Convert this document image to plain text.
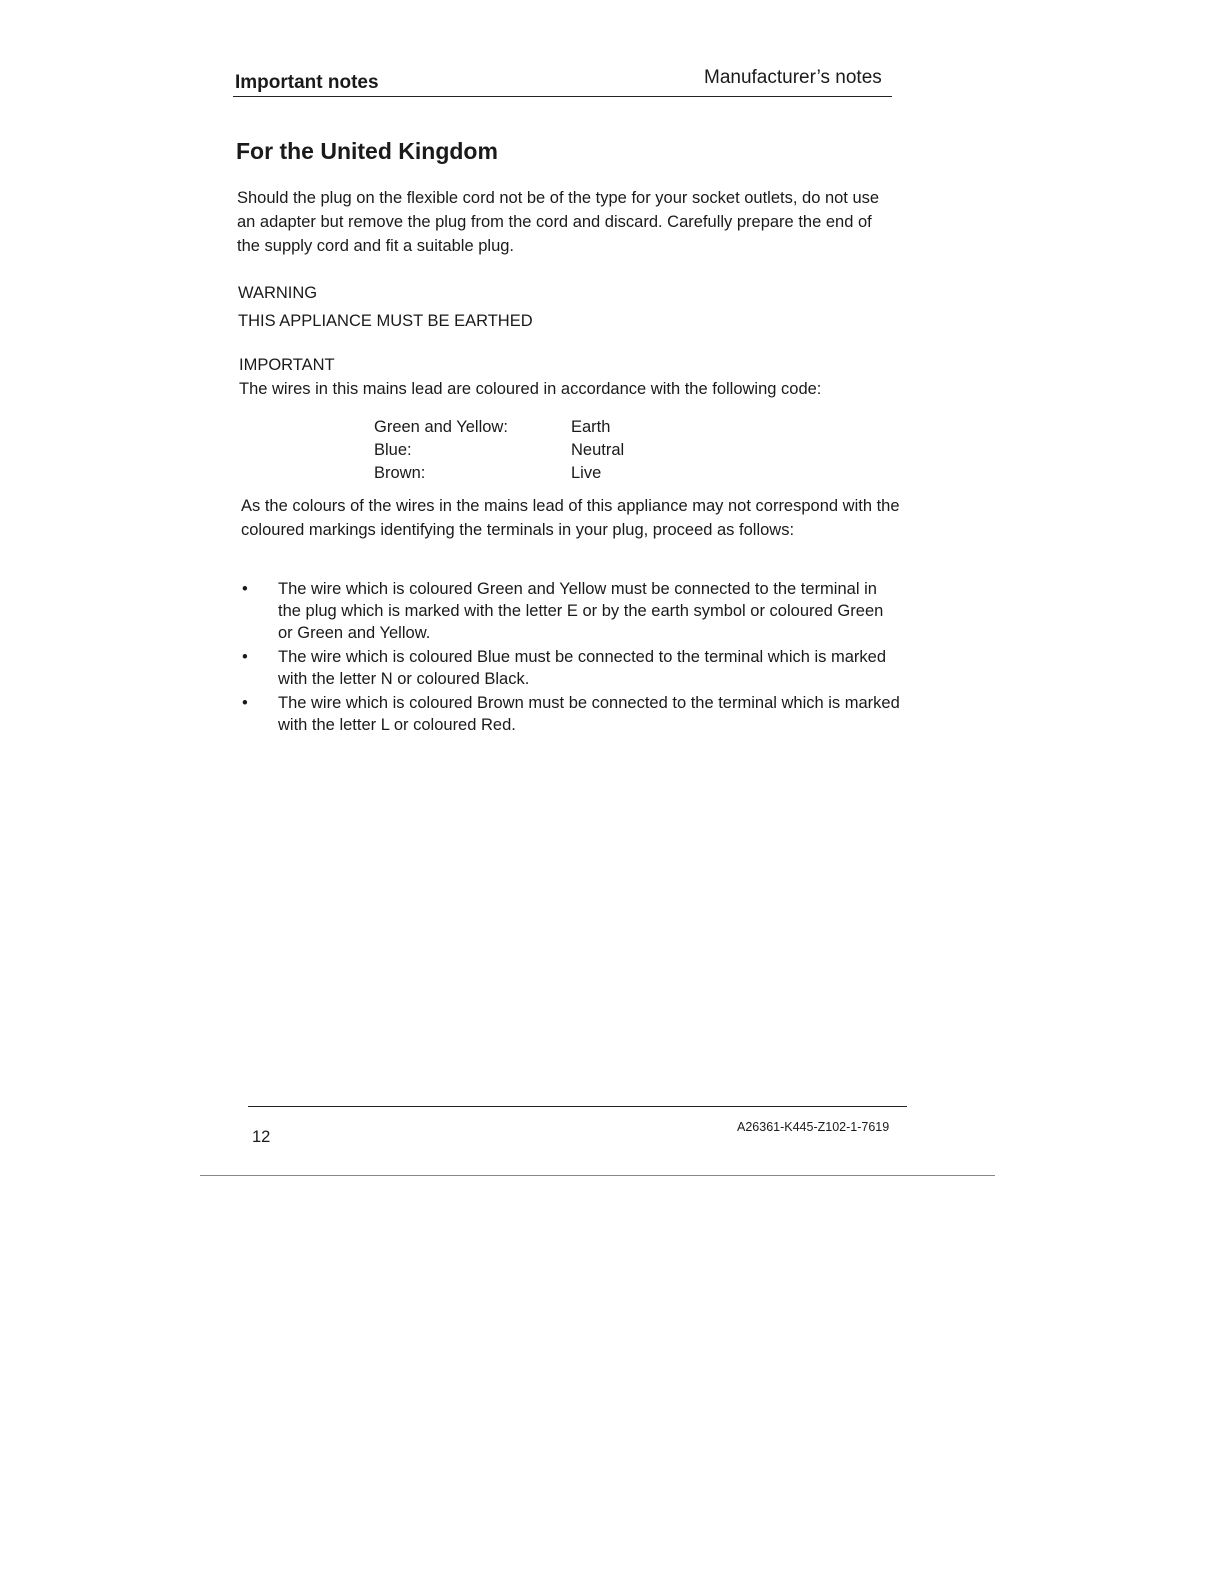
Important notes	Manufacturer’s notes
For the United Kingdom

Should the plug on the flexible cord not be of the type for your socket outlets, do not use an adapter but remove the plug from the cord and discard. Carefully prepare the end of the supply cord and fit a suitable plug.

WARNING
THIS APPLIANCE MUST BE EARTHED
IMPORTANT
The wires in this mains lead are coloured in accordance with the following code:
Green and Yellow:	Earth
Blue:	Neutral
Brown:	Live

As the colours of the wires in the mains lead of this appliance may not correspond with the coloured markings identifying the terminals in your plug, proceed as follows:

• The wire which is coloured Green and Yellow must be connected to the terminal in the plug which is marked with the letter E or by the earth symbol or coloured Green or Green and Yellow.
• The wire which is coloured Blue must be connected to the terminal which is marked with the letter N or coloured Black.
• The wire which is coloured Brown must be connected to the terminal which is marked with the letter L or coloured Red.
12
A26361-K445-Z102-1-7619
